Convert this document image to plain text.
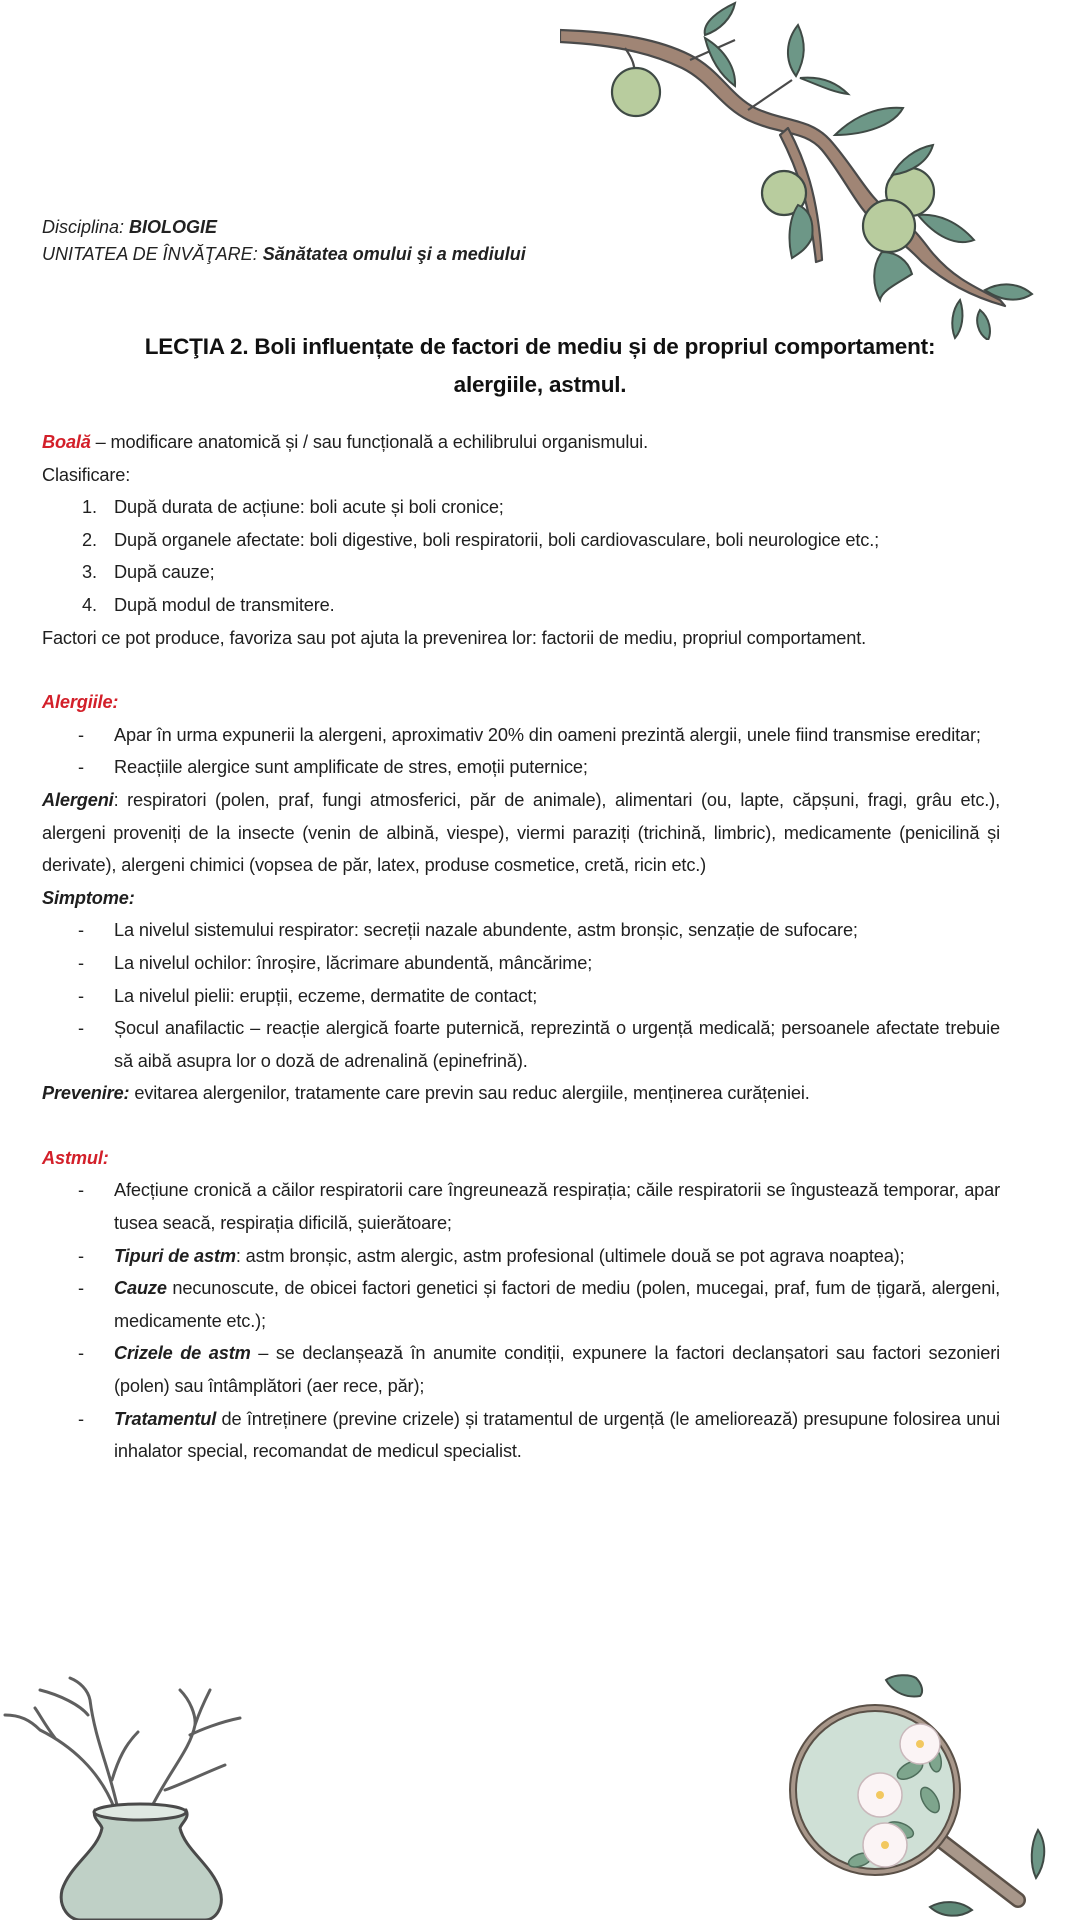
Disciplina: BIOLOGIE
UNITATEA DE ÎNVĂŢARE: Sănătatea omului şi a mediului
LECŢIA 2. Boli influențate de factori de mediu și de propriul comportament:
alergiile, astmul.

Boală – modificare anatomică și / sau funcțională a echilibrului organismului.

Clasificare:

1. După durata de acțiune: boli acute și boli cronice;
2. După organele afectate: boli digestive, boli respiratorii, boli cardiovasculare, boli neurologice etc.;
3. După cauze;
4. După modul de transmitere.

Factori ce pot produce, favoriza sau pot ajuta la prevenirea lor: factorii de mediu, propriul comportament.

Alergiile:

- Apar în urma expunerii la alergeni, aproximativ 20% din oameni prezintă alergii, unele fiind transmise ereditar;
- Reacțiile alergice sunt amplificate de stres, emoții puternice;

Alergeni: respiratori (polen, praf, fungi atmosferici, păr de animale), alimentari (ou, lapte, căpșuni, fragi, grâu etc.), alergeni proveniți de la insecte (venin de albină, viespe), viermi paraziți (trichină, limbric), medicamente (penicilină și derivate), alergeni chimici (vopsea de păr, latex, produse cosmetice, cretă, ricin etc.)

Simptome:

- La nivelul sistemului respirator: secreții nazale abundente, astm bronșic, senzație de sufocare;
- La nivelul ochilor: înroșire, lăcrimare abundentă, mâncărime;
- La nivelul pielii: erupții, eczeme, dermatite de contact;
- Șocul anafilactic – reacție alergică foarte puternică, reprezintă o urgență medicală; persoanele afectate trebuie să aibă asupra lor o doză de adrenalină (epinefrină).

Prevenire: evitarea alergenilor, tratamente care previn sau reduc alergiile, menținerea curățeniei.

Astmul:

- Afecțiune cronică a căilor respiratorii care îngreunează respirația; căile respiratorii se îngustează temporar, apar tusea seacă, respirația dificilă, șuierătoare;
- Tipuri de astm: astm bronșic, astm alergic, astm profesional (ultimele două se pot agrava noaptea);
- Cauze necunoscute, de obicei factori genetici și factori de mediu (polen, mucegai, praf, fum de țigară, alergeni, medicamente etc.);
- Crizele de astm – se declanșează în anumite condiții, expunere la factori declanșatori sau factori sezonieri (polen) sau întâmplători (aer rece, păr);
- Tratamentul de întreținere (previne crizele) și tratamentul de urgență (le ameliorează) presupune folosirea unui inhalator special, recomandat de medicul specialist.
